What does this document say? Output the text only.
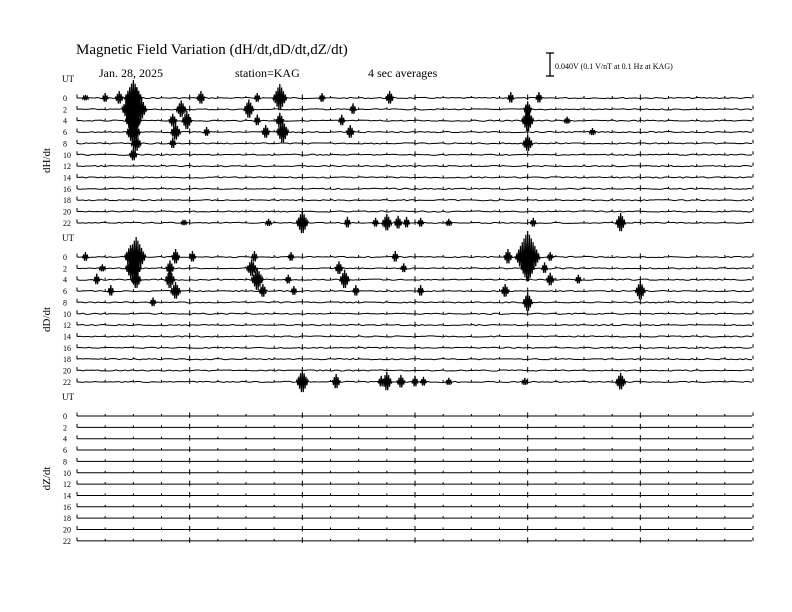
Magnetic Field Variation (dH/dt,dD/dt,dZ/dt)
Jan. 28, 2025	station=KAG	4 sec averages	0.040V (0.1 V/nT at 0.1 Hz at KAG)
UT
dH/dt
0
2
4
6
8
10
12
14
16
18
20
22
UT
dD/dt
0
2
4
6
8
10
12
14
16
18
20
22
UT
dZ/dt
0
2
4
6
8
10
12
14
16
18
20
22
